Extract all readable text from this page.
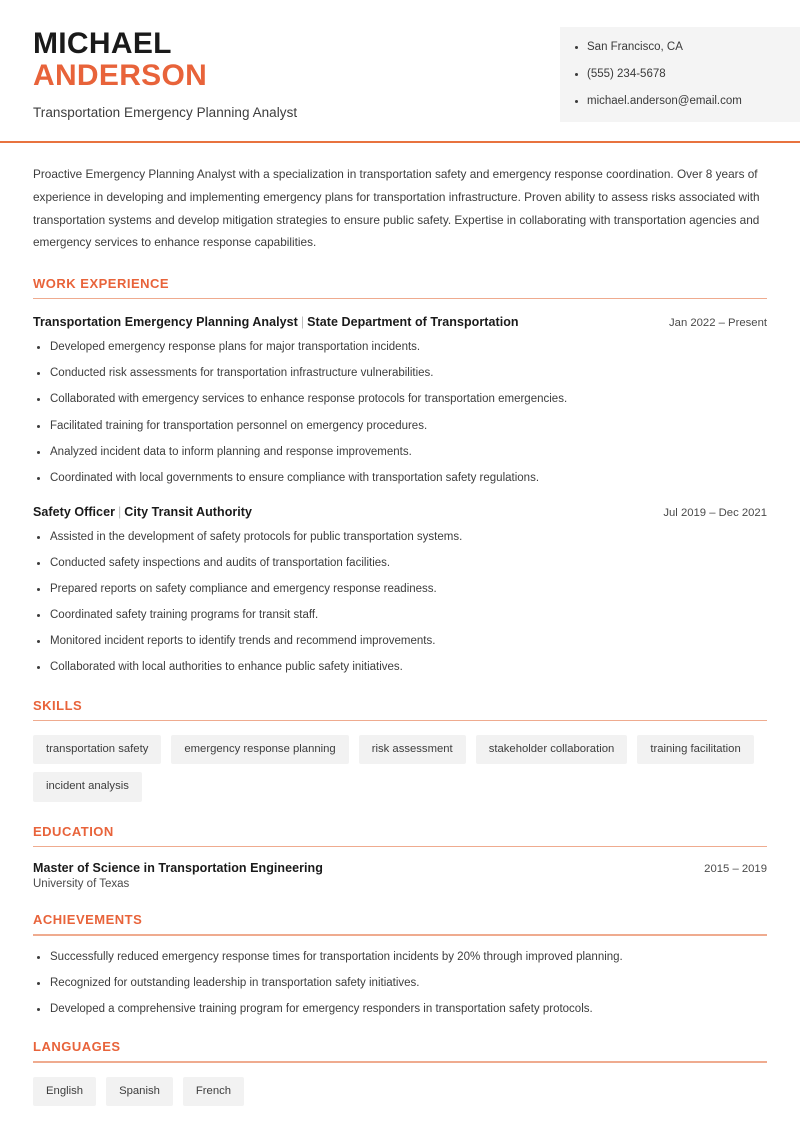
MICHAEL
ANDERSON
Transportation Emergency Planning Analyst
San Francisco, CA
(555) 234-5678
michael.anderson@email.com

Proactive Emergency Planning Analyst with a specialization in transportation safety and emergency response coordination. Over 8 years of experience in developing and implementing emergency plans for transportation infrastructure. Proven ability to assess risks associated with transportation systems and develop mitigation strategies to ensure public safety. Expertise in collaborating with transportation agencies and emergency services to enhance response capabilities.

WORK EXPERIENCE
Transportation Emergency Planning Analyst | State Department of Transportation	Jan 2022 – Present
Developed emergency response plans for major transportation incidents.
Conducted risk assessments for transportation infrastructure vulnerabilities.
Collaborated with emergency services to enhance response protocols for transportation emergencies.
Facilitated training for transportation personnel on emergency procedures.
Analyzed incident data to inform planning and response improvements.
Coordinated with local governments to ensure compliance with transportation safety regulations.
Safety Officer | City Transit Authority	Jul 2019 – Dec 2021
Assisted in the development of safety protocols for public transportation systems.
Conducted safety inspections and audits of transportation facilities.
Prepared reports on safety compliance and emergency response readiness.
Coordinated safety training programs for transit staff.
Monitored incident reports to identify trends and recommend improvements.
Collaborated with local authorities to enhance public safety initiatives.
SKILLS
transportation safety	emergency response planning	risk assessment	stakeholder collaboration	training facilitation
incident analysis
EDUCATION
Master of Science in Transportation Engineering	2015 – 2019
University of Texas
ACHIEVEMENTS
Successfully reduced emergency response times for transportation incidents by 20% through improved planning.
Recognized for outstanding leadership in transportation safety initiatives.
Developed a comprehensive training program for emergency responders in transportation safety protocols.
LANGUAGES
English	Spanish	French
